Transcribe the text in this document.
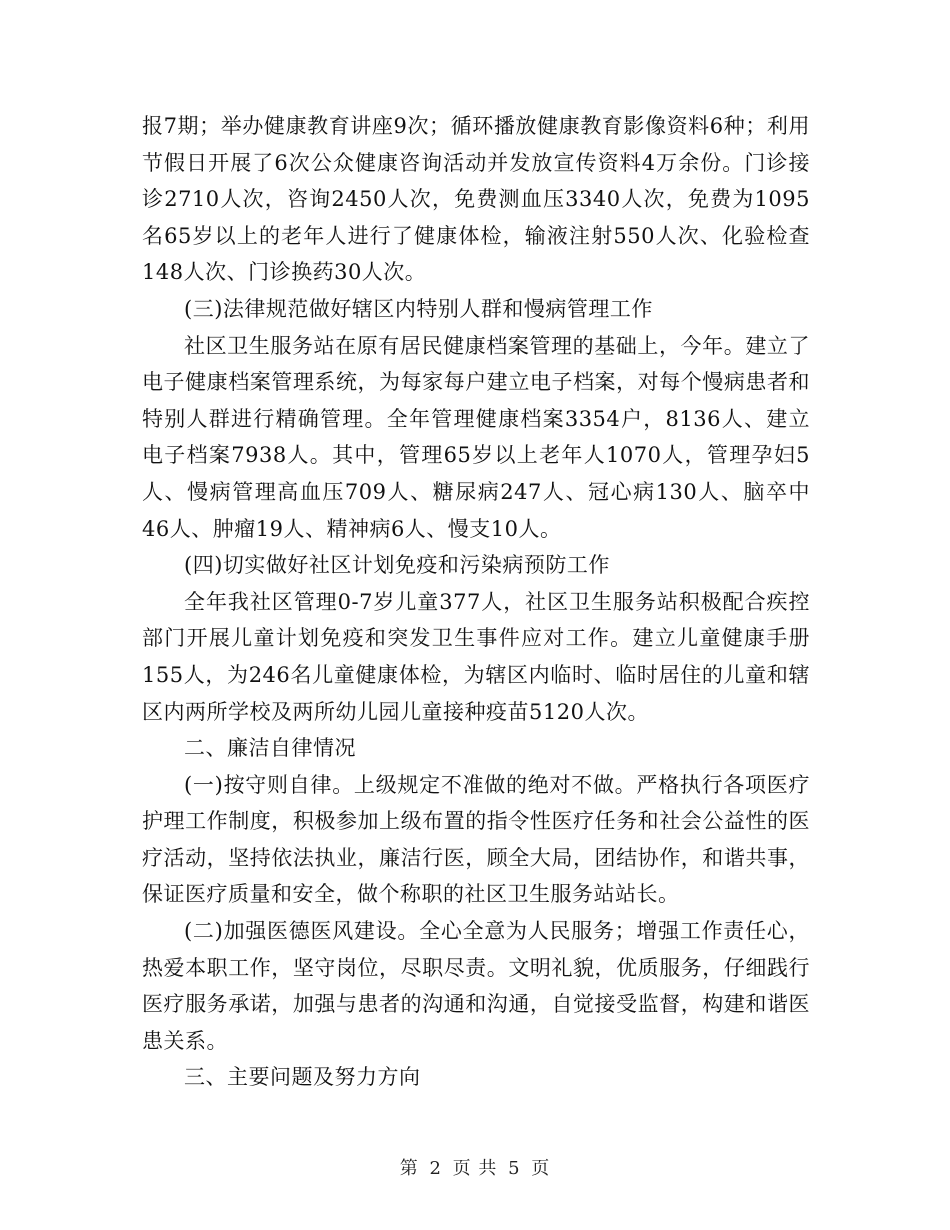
报7期；举办健康教育讲座9次；循环播放健康教育影像资料6种；利用节假日开展了6次公众健康咨询活动并发放宣传资料4万余份。门诊接诊2710人次，咨询2450人次，免费测血压3340人次，免费为1095名65岁以上的老年人进行了健康体检，输液注射550人次、化验检查148人次、门诊换药30人次。

(三)法律规范做好辖区内特别人群和慢病管理工作

社区卫生服务站在原有居民健康档案管理的基础上，今年。建立了电子健康档案管理系统，为每家每户建立电子档案，对每个慢病患者和特别人群进行精确管理。全年管理健康档案3354户，8136人、建立电子档案7938人。其中，管理65岁以上老年人1070人，管理孕妇5人、慢病管理高血压709人、糖尿病247人、冠心病130人、脑卒中46人、肿瘤19人、精神病6人、慢支10人。

(四)切实做好社区计划免疫和污染病预防工作

全年我社区管理0-7岁儿童377人，社区卫生服务站积极配合疾控部门开展儿童计划免疫和突发卫生事件应对工作。建立儿童健康手册155人，为246名儿童健康体检，为辖区内临时、临时居住的儿童和辖区内两所学校及两所幼儿园儿童接种疫苗5120人次。

二、廉洁自律情况

(一)按守则自律。上级规定不准做的绝对不做。严格执行各项医疗护理工作制度，积极参加上级布置的指令性医疗任务和社会公益性的医疗活动，坚持依法执业，廉洁行医，顾全大局，团结协作，和谐共事，保证医疗质量和安全，做个称职的社区卫生服务站站长。

(二)加强医德医风建设。全心全意为人民服务；增强工作责任心，热爱本职工作，坚守岗位，尽职尽责。文明礼貌，优质服务，仔细践行医疗服务承诺，加强与患者的沟通和沟通，自觉接受监督，构建和谐医患关系。

三、主要问题及努力方向

第 2 页 共 5 页
